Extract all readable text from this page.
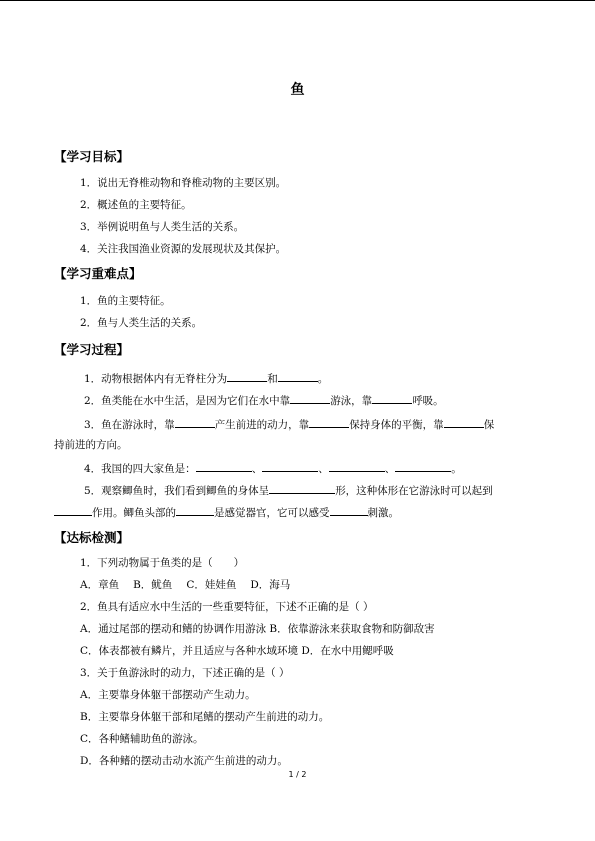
鱼
【学习目标】
1．说出无脊椎动物和脊椎动物的主要区别。
2．概述鱼的主要特征。
3．举例说明鱼与人类生活的关系。
4．关注我国渔业资源的发展现状及其保护。
【学习重难点】
1．鱼的主要特征。
2．鱼与人类生活的关系。
【学习过程】
1．动物根据体内有无脊柱分为	和	。
2．鱼类能在水中生活，是因为它们在水中靠	游泳，靠	呼吸。
3．鱼在游泳时，靠	产生前进的动力，靠	保持身体的平衡，靠	保
持前进的方向。
4．我国的四大家鱼是：	、	、	、	。
5．观察鲫鱼时，我们看到鲫鱼的身体呈	形，这种体形在它游泳时可以起到
作用。鲫鱼头部的	是感觉器官，它可以感受	刺激。
【达标检测】
1．下列动物属于鱼类的是（　　）
A．章鱼 B．鱿鱼 C．娃娃鱼 D．海马
2．鱼具有适应水中生活的一些重要特征，下述不正确的是（ ）
A．通过尾部的摆动和鳍的协调作用游泳 B．依靠游泳来获取食物和防御敌害
C．体表都被有鳞片，并且适应与各种水域环境 D．在水中用鳃呼吸
3．关于鱼游泳时的动力，下述正确的是（ ）
A．主要靠身体躯干部摆动产生动力。
B．主要靠身体躯干部和尾鳍的摆动产生前进的动力。
C．各种鳍辅助鱼的游泳。
D．各种鳍的摆动击动水流产生前进的动力。
1 / 2
